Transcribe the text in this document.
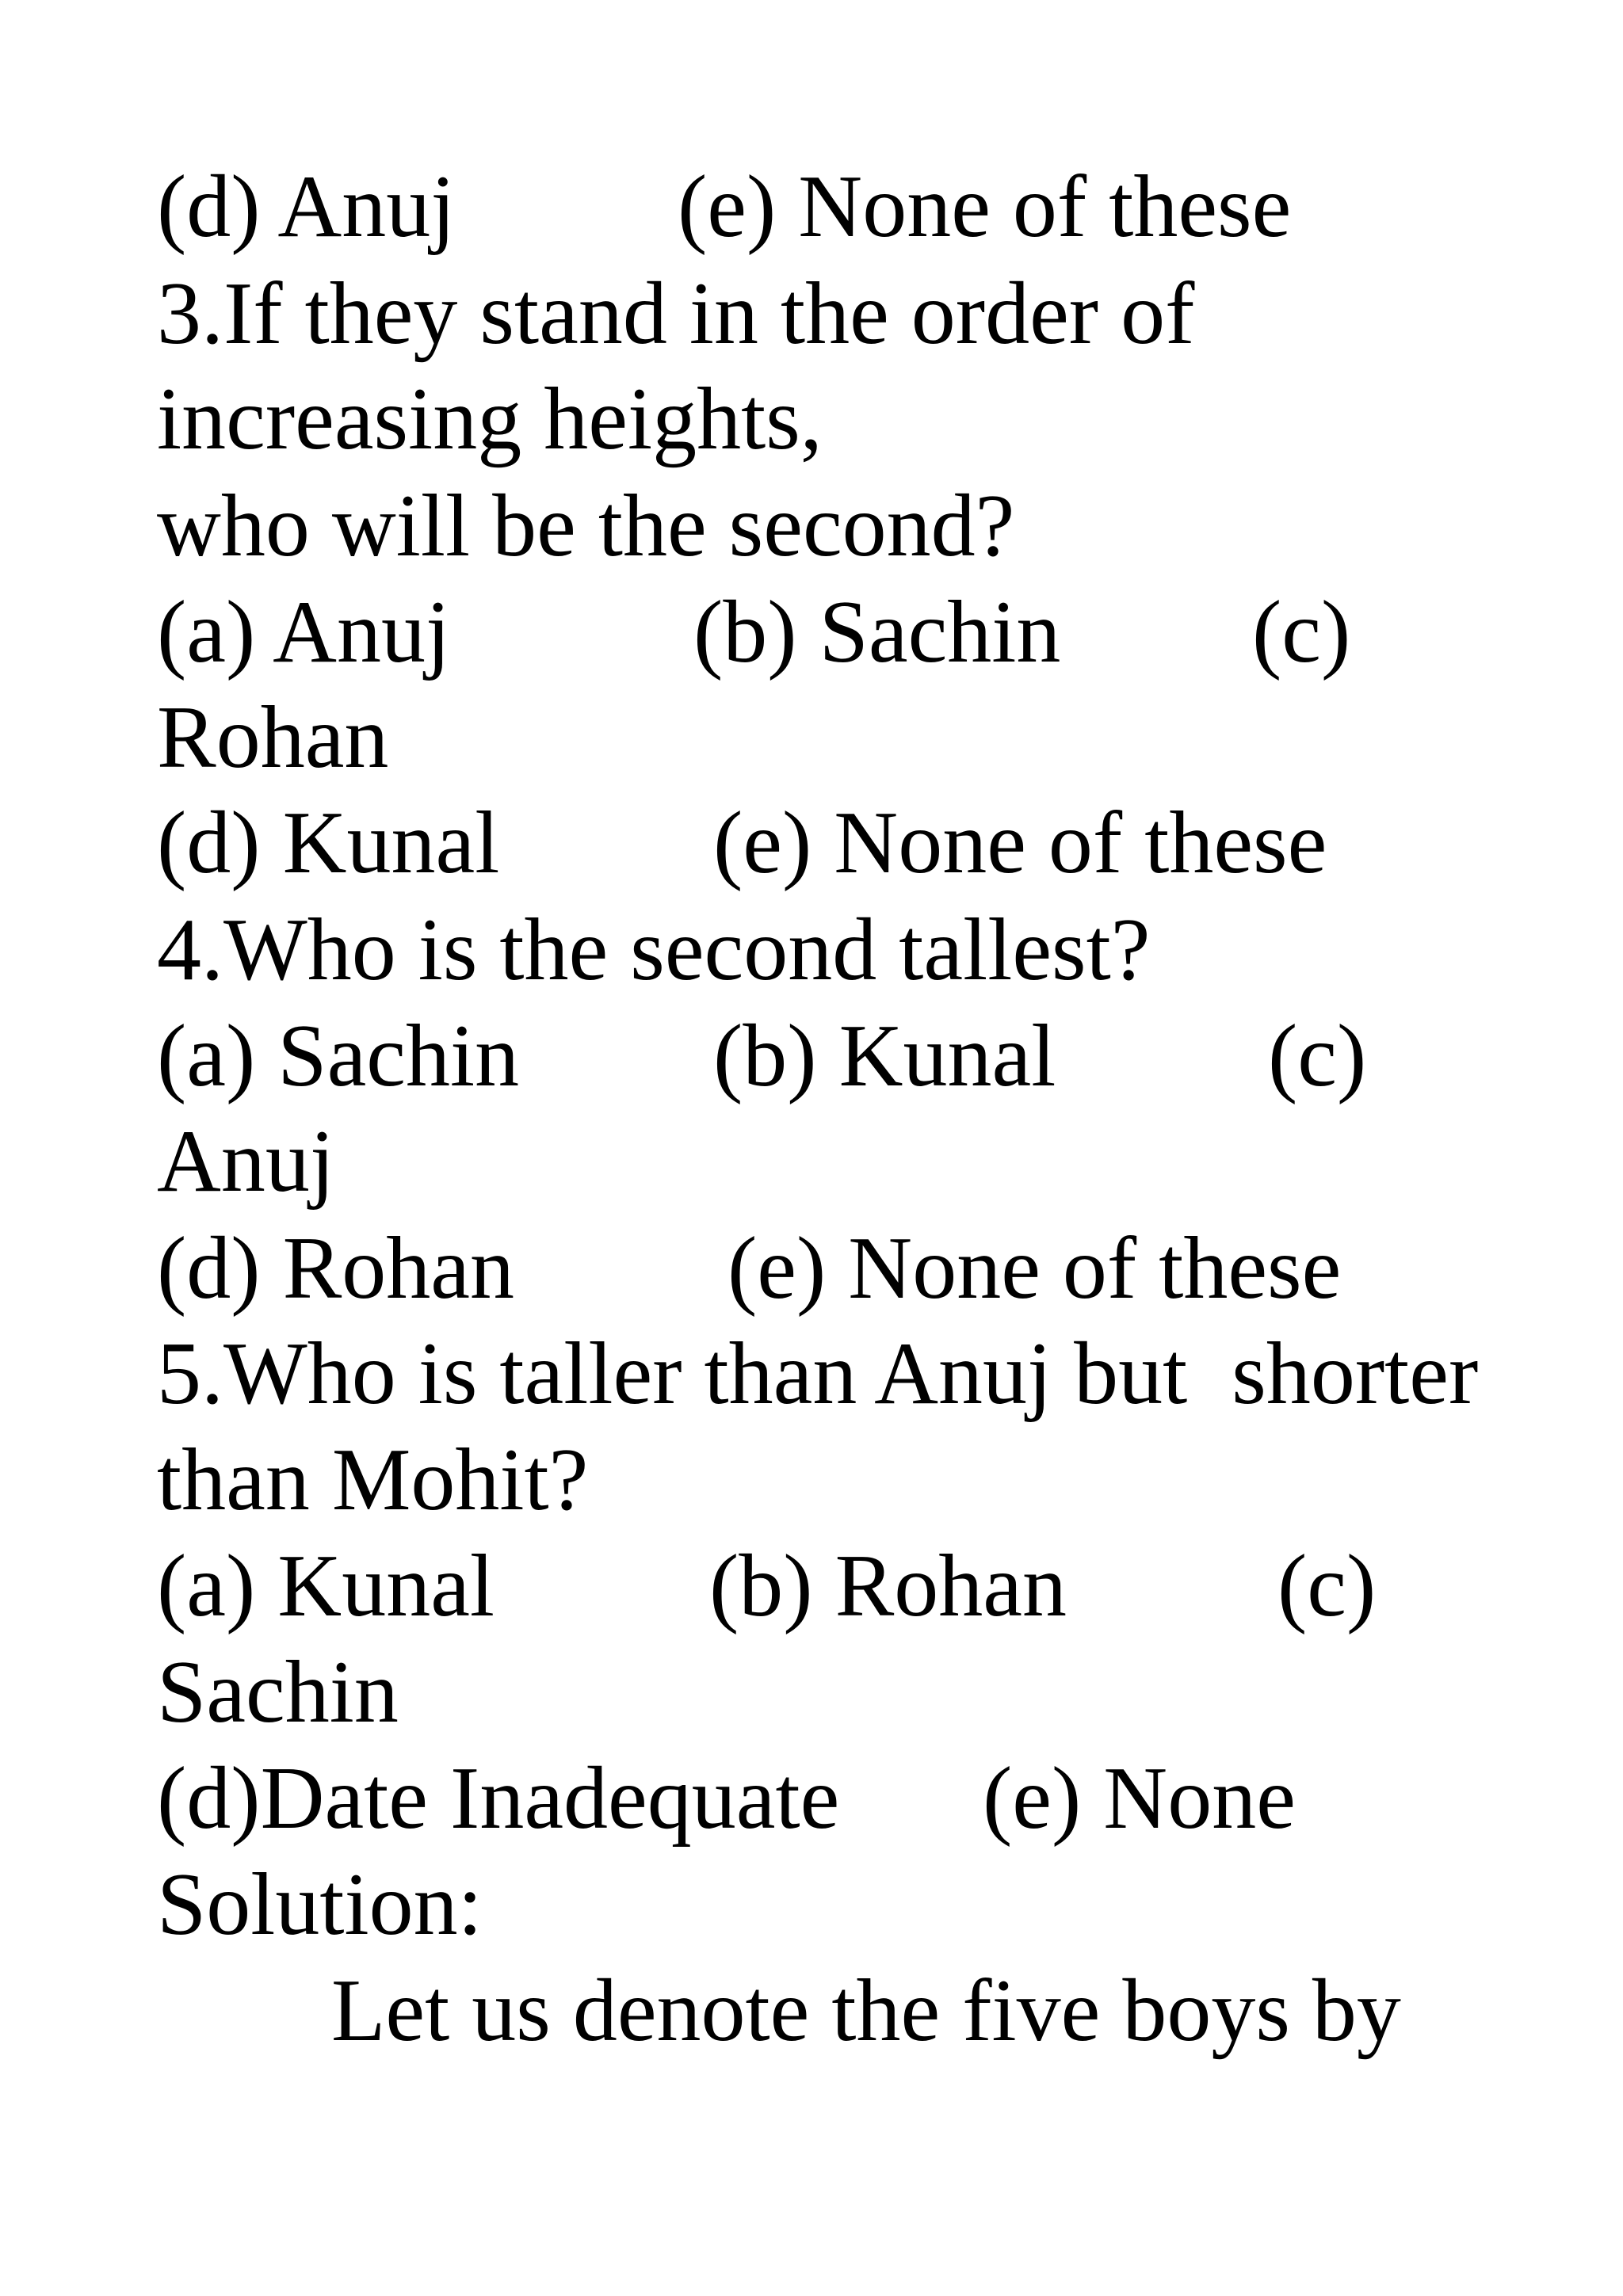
(d) Anuj	(e) None of these
3.If they stand in the order of
increasing heights,
who will be the second?
(a) Anuj	(b) Sachin (c)
Rohan
(d) Kunal (e) None of these
4.Who is the second tallest?
(a) Sachin (b) Kunal (c)
Anuj
(d) Rohan (e) None of these
5.Who is taller than Anuj but  shorter
than Mohit?
(a) Kunal (b) Rohan (c)
Sachin
(d)Date Inadequate (e) None
Solution:
Let us denote the five boys by
